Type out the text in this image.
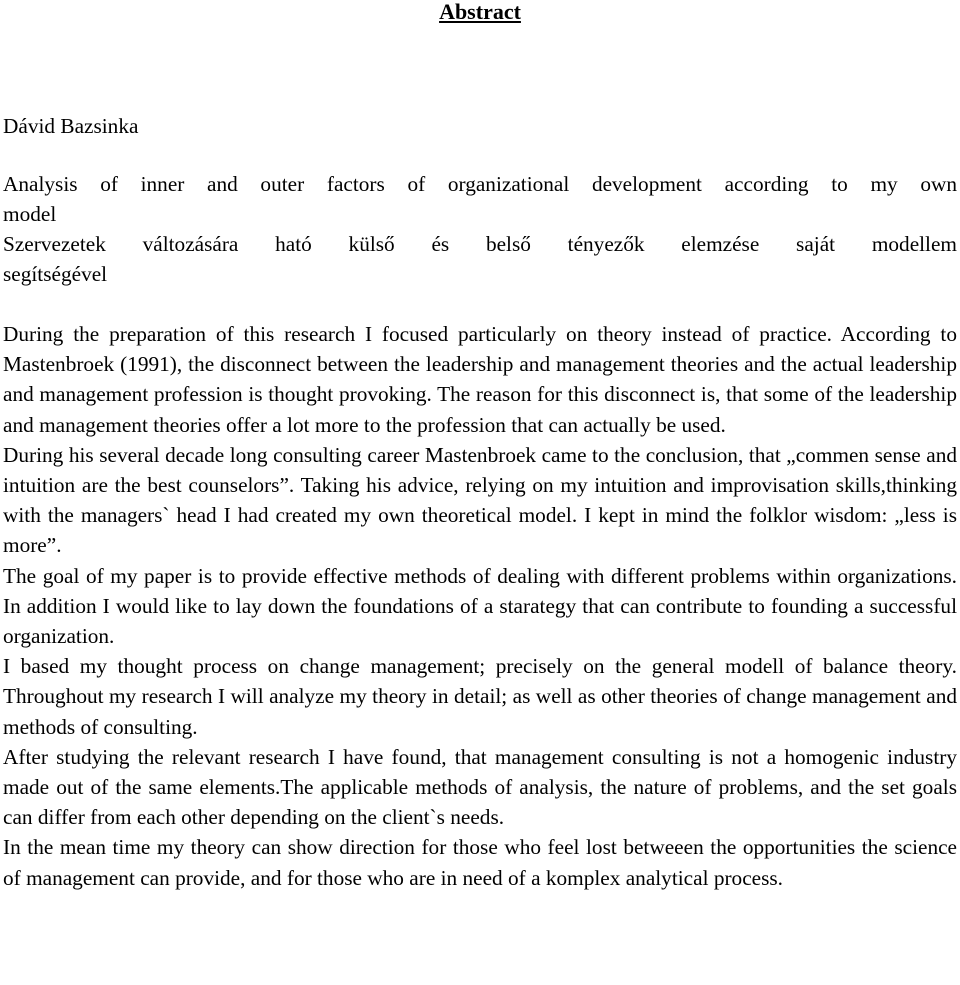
Abstract

Dávid Bazsinka

Analysis of inner and outer factors of organizational development according to my own
model
Szervezetek változására ható külső és belső tényezők elemzése saját modellem
segítségével

During the preparation of this research I focused particularly on theory instead of practice. According to Mastenbroek (1991), the disconnect between the leadership and management theories and the actual leadership and management profession is thought provoking. The reason for this disconnect is, that some of the leadership and management theories offer a lot more to the profession that can actually be used.

During his several decade long consulting career Mastenbroek came to the conclusion, that „commen sense and intuition are the best counselors”. Taking his advice, relying on my intuition and improvisation skills,thinking with the managers` head I had created my own theoretical model. I kept in mind the folklor wisdom: „less is more”.

The goal of my paper is to provide effective methods of dealing with different problems within organizations. In addition I would like to lay down the foundations of a starategy that can contribute to founding a successful organization.

I based my thought process on change management; precisely on the general modell of balance theory. Throughout my research I will analyze my theory in detail; as well as other theories of change management and methods of consulting.

After studying the relevant research I have found, that management consulting is not a homogenic industry made out of the same elements.The applicable methods of analysis, the nature of problems, and the set goals can differ from each other depending on the client`s needs.

In the mean time my theory can show direction for those who feel lost betweeen the opportunities the science of management can provide, and for those who are in need of a komplex analytical process.
